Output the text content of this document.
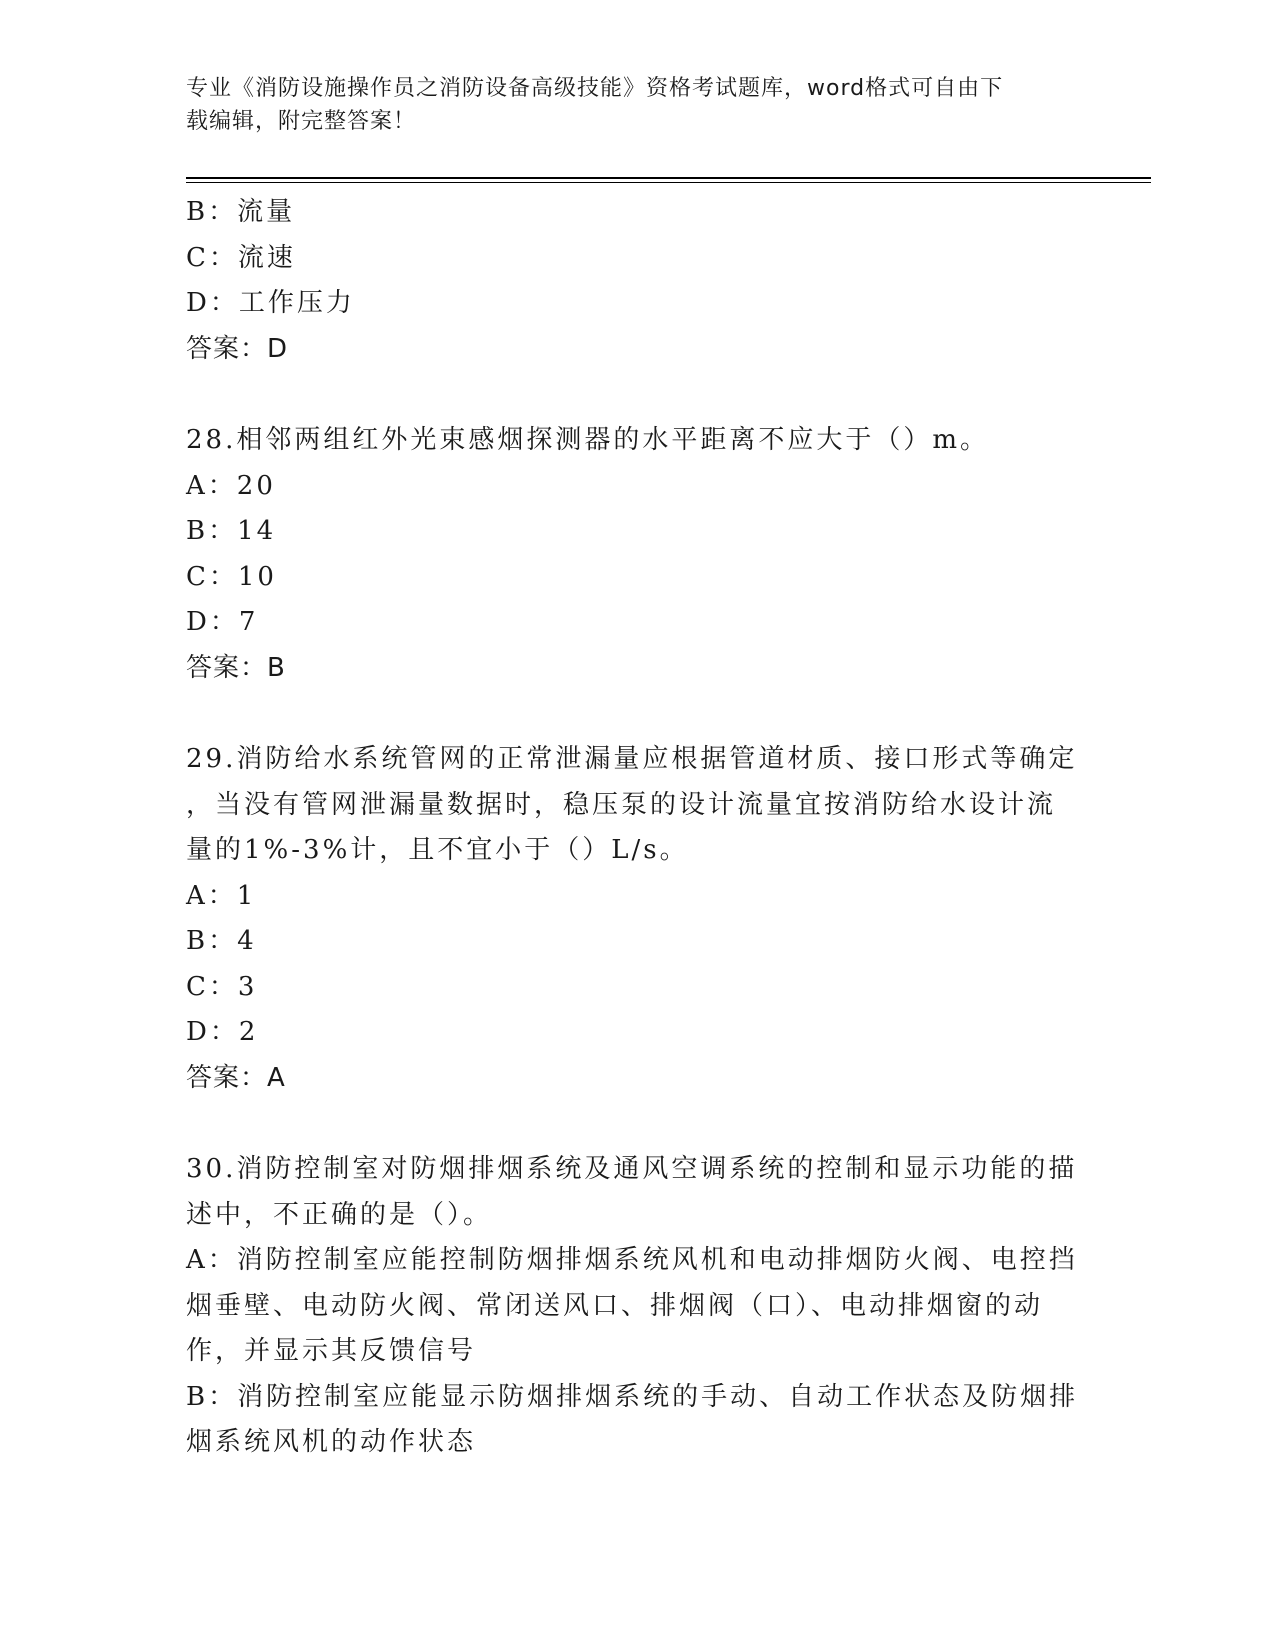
专业《消防设施操作员之消防设备高级技能》资格考试题库，word格式可自由下
载编辑，附完整答案！
B：流量
C：流速
D：工作压力
答案：D
28.相邻两组红外光束感烟探测器的水平距离不应大于（）m。
A：20
B：14
C：10
D：7
答案：B
29.消防给水系统管网的正常泄漏量应根据管道材质、接口形式等确定
，当没有管网泄漏量数据时，稳压泵的设计流量宜按消防给水设计流
量的1%-3%计，且不宜小于（）L/s。
A：1
B：4
C：3
D：2
答案：A
30.消防控制室对防烟排烟系统及通风空调系统的控制和显示功能的描
述中，不正确的是（）。
A：消防控制室应能控制防烟排烟系统风机和电动排烟防火阀、电控挡
烟垂壁、电动防火阀、常闭送风口、排烟阀（口）、电动排烟窗的动
作，并显示其反馈信号
B：消防控制室应能显示防烟排烟系统的手动、自动工作状态及防烟排
烟系统风机的动作状态
